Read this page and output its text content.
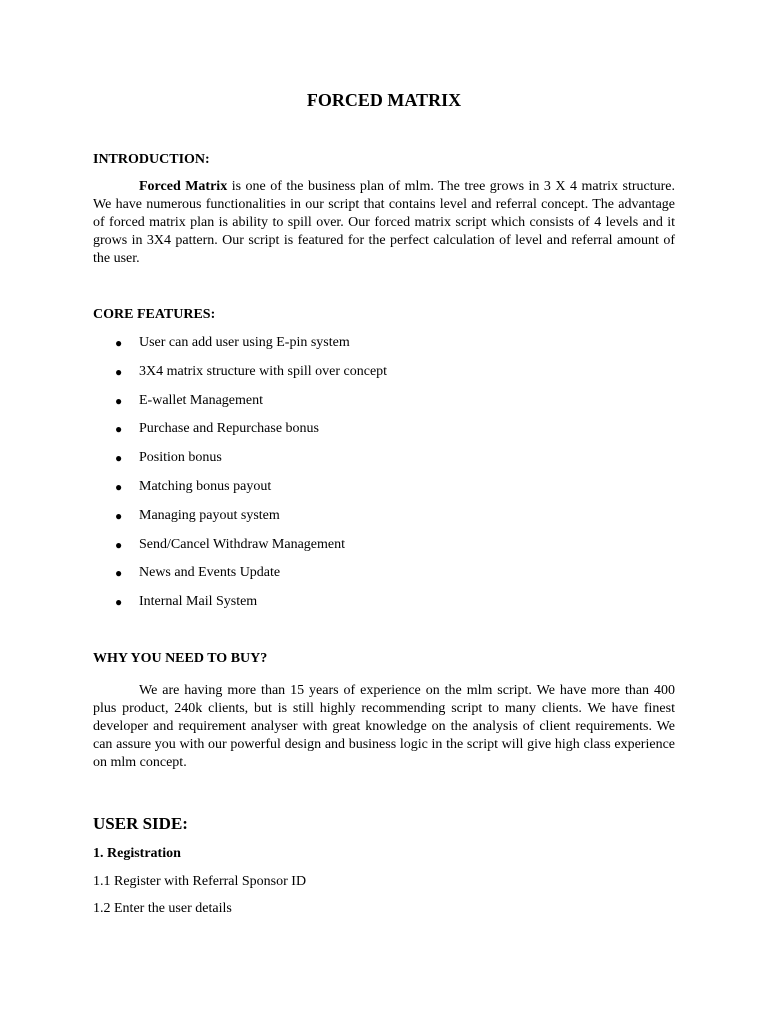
FORCED MATRIX
INTRODUCTION:

Forced Matrix is one of the business plan of mlm. The tree grows in 3 X 4 matrix structure. We have numerous functionalities in our script that contains level and referral concept. The advantage of forced matrix plan is ability to spill over. Our forced matrix script which consists of 4 levels and it grows in 3X4 pattern. Our script is featured for the perfect calculation of level and referral amount of the user.

CORE FEATURES:
● User can add user using E-pin system
● 3X4 matrix structure with spill over concept
● E-wallet Management
● Purchase and Repurchase bonus
● Position bonus
● Matching bonus payout
● Managing payout system
● Send/Cancel Withdraw Management
● News and Events Update
● Internal Mail System
WHY YOU NEED TO BUY?

We are having more than 15 years of experience on the mlm script. We have more than 400 plus product, 240k clients, but is still highly recommending script to many clients. We have finest developer and requirement analyser with great knowledge on the analysis of client requirements. We can assure you with our powerful design and business logic in the script will give high class experience on mlm concept.

USER SIDE:
1. Registration

1.1 Register with Referral Sponsor ID

1.2 Enter the user details
